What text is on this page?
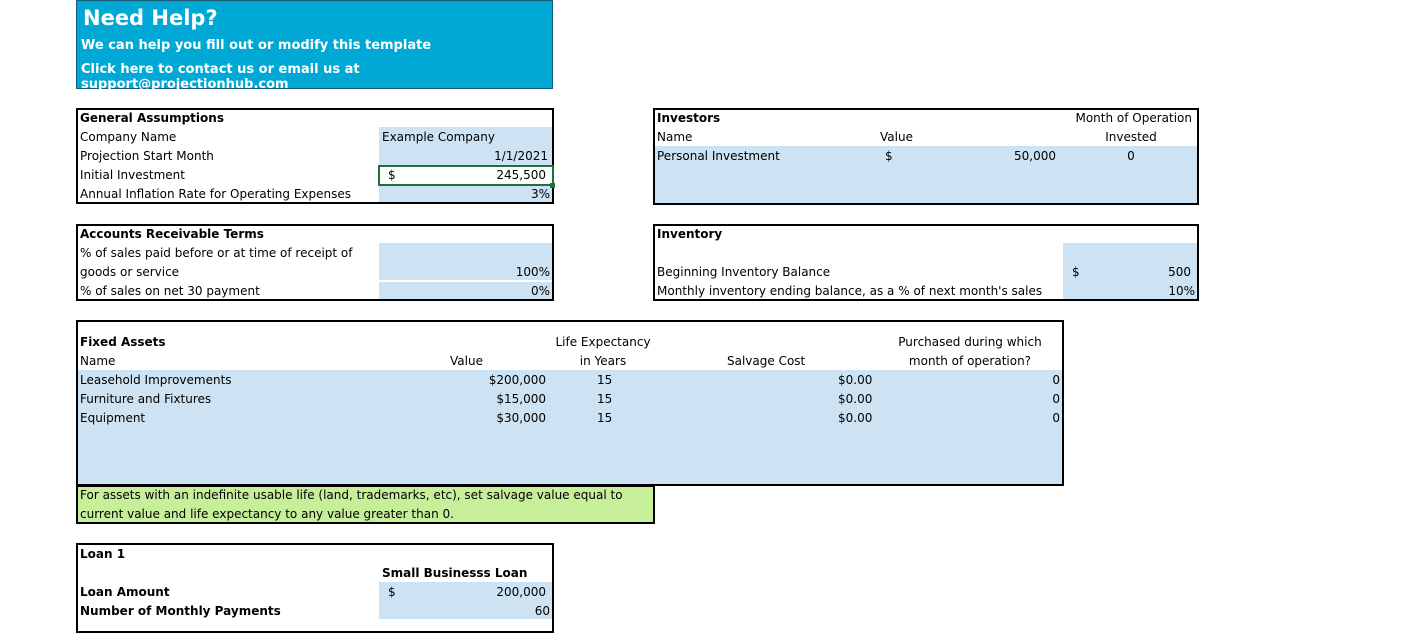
Need Help?
We can help you fill out or modify this template
Click here to contact us or email us at support@projectionhub.com
General Assumptions
Company Name	Example Company
Projection Start Month	1/1/2021
Initial Investment	$	245,500
Annual Inflation Rate for Operating Expenses	3%
Investors	Month of Operation
Name	Value	Invested
Personal Investment	$	50,000	0
Accounts Receivable Terms
% of sales paid before or at time of receipt of
goods or service	100%
% of sales on net 30 payment	0%
Inventory
Beginning Inventory Balance	$	500
Monthly inventory ending balance, as a % of next month's sales	10%
Fixed Assets	Life Expectancy	Purchased during which
Name	Value	in Years	Salvage Cost	month of operation?
Leasehold Improvements	$200,000	15	$0.00	0
Furniture and Fixtures	$15,000	15	$0.00	0
Equipment	$30,000	15	$0.00	0
For assets with an indefinite usable life (land, trademarks, etc), set salvage value equal to
current value and life expectancy to any value greater than 0.
Loan 1
Small Businesss Loan
Loan Amount	$	200,000
Number of Monthly Payments	60
